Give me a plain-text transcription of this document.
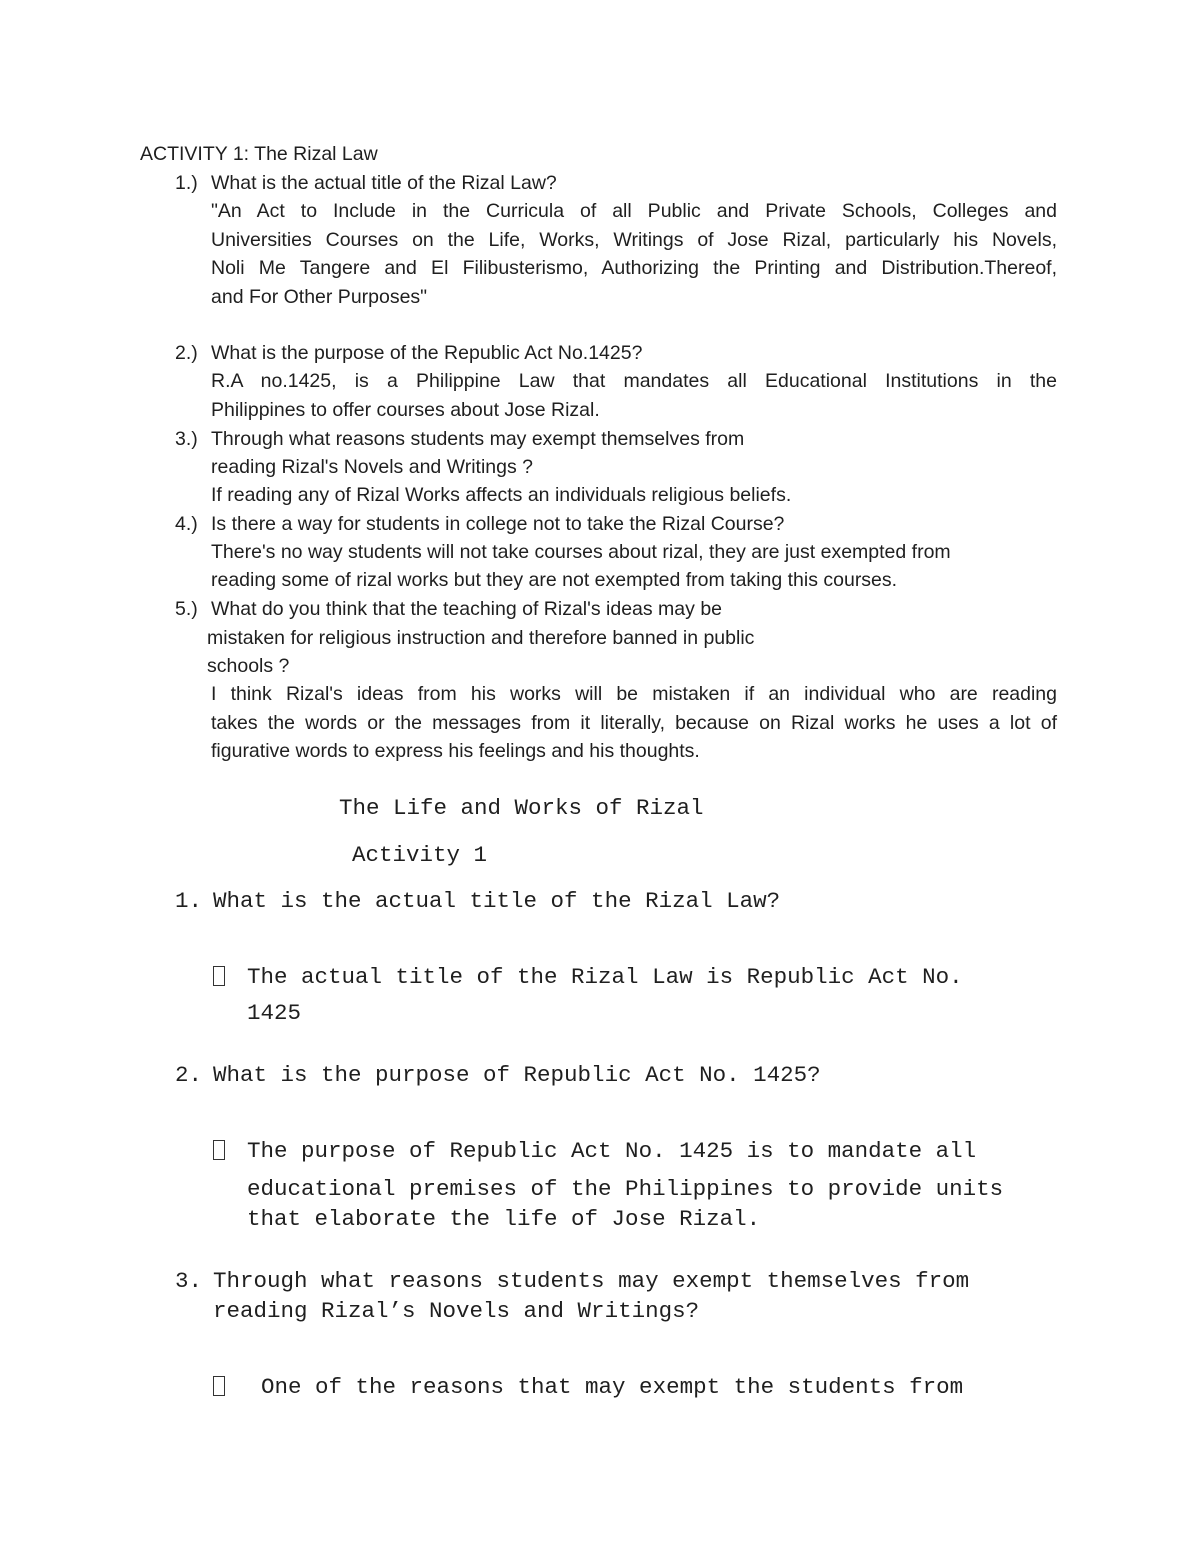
ACTIVITY 1: The Rizal Law
1.) What is the actual title of the Rizal Law?
"An Act to Include in the Curricula of all Public and Private Schools, Colleges and
Universities Courses on the Life, Works, Writings of Jose Rizal, particularly his Novels,
Noli Me Tangere and El Filibusterismo, Authorizing the Printing and Distribution.Thereof,
and For Other Purposes"
2.) What is the purpose of the Republic Act No.1425?
R.A no.1425, is a Philippine Law that mandates all Educational Institutions in the
Philippines to offer courses about Jose Rizal.
3.) Through what reasons students may exempt themselves from
reading Rizal's Novels and Writings ?
If reading any of Rizal Works affects an individuals religious beliefs.
4.) Is there a way for students in college not to take the Rizal Course?
There's no way students will not take courses about rizal, they are just exempted from
reading some of rizal works but they are not exempted from taking this courses.
5.) What do you think that the teaching of Rizal's ideas may be
mistaken for religious instruction and therefore banned in public
schools ?
I think Rizal's ideas from his works will be mistaken if an individual who are reading
takes the words or the messages from it literally, because on Rizal works he uses a lot of
figurative words to express his feelings and his thoughts.
The Life and Works of Rizal
Activity 1
1. What is the actual title of the Rizal Law?
The actual title of the Rizal Law is Republic Act No.
1425
2. What is the purpose of Republic Act No. 1425?
The purpose of Republic Act No. 1425 is to mandate all
educational premises of the Philippines to provide units
that elaborate the life of Jose Rizal.
3. Through what reasons students may exempt themselves from
reading Rizal’s Novels and Writings?
One of the reasons that may exempt the students from
